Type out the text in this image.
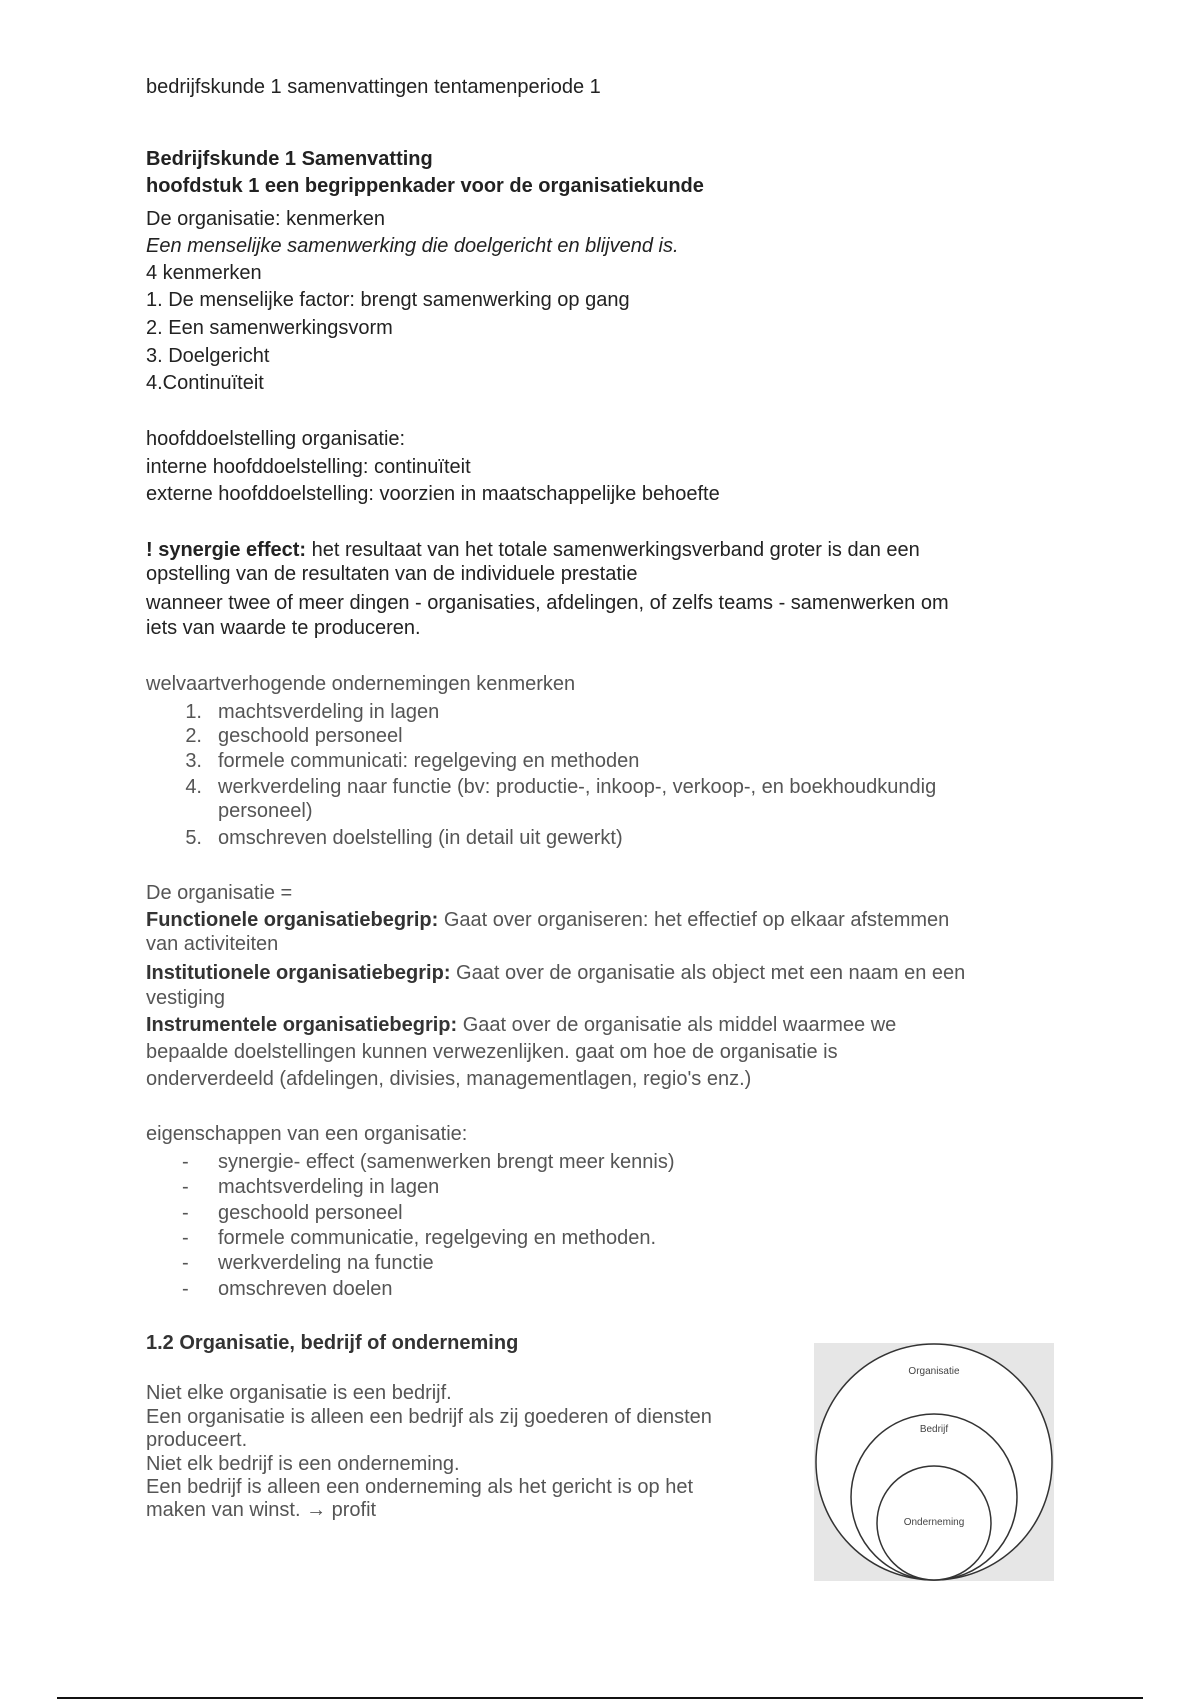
bedrijfskunde 1 samenvattingen tentamenperiode 1
Bedrijfskunde 1 Samenvatting
hoofdstuk 1 een begrippenkader voor de organisatiekunde
De organisatie: kenmerken
Een menselijke samenwerking die doelgericht en blijvend is.
4 kenmerken
1. De menselijke factor: brengt samenwerking op gang
2. Een samenwerkingsvorm
3. Doelgericht
4.Continuïteit
hoofddoelstelling organisatie:
interne hoofddoelstelling: continuïteit
externe hoofddoelstelling: voorzien in maatschappelijke behoefte
! synergie effect: het resultaat van het totale samenwerkingsverband groter is dan een
opstelling van de resultaten van de individuele prestatie
wanneer twee of meer dingen - organisaties, afdelingen, of zelfs teams - samenwerken om
iets van waarde te produceren.
welvaartverhogende ondernemingen kenmerken
1. machtsverdeling in lagen
2. geschoold personeel
3. formele communicati: regelgeving en methoden
4. werkverdeling naar functie (bv: productie-, inkoop-, verkoop-, en boekhoudkundig
personeel)
5. omschreven doelstelling (in detail uit gewerkt)
De organisatie =
Functionele organisatiebegrip: Gaat over organiseren: het effectief op elkaar afstemmen
van activiteiten
Institutionele organisatiebegrip: Gaat over de organisatie als object met een naam en een
vestiging
Instrumentele organisatiebegrip: Gaat over de organisatie als middel waarmee we
bepaalde doelstellingen kunnen verwezenlijken. gaat om hoe de organisatie is
onderverdeeld (afdelingen, divisies, managementlagen, regio's enz.)
eigenschappen van een organisatie:
- synergie- effect (samenwerken brengt meer kennis)
- machtsverdeling in lagen
- geschoold personeel
- formele communicatie, regelgeving en methoden.
- werkverdeling na functie
- omschreven doelen
1.2 Organisatie, bedrijf of onderneming
Niet elke organisatie is een bedrijf.
Een organisatie is alleen een bedrijf als zij goederen of diensten
produceert.
Niet elk bedrijf is een onderneming.
Een bedrijf is alleen een onderneming als het gericht is op het
maken van winst. → profit
Organisatie
Bedrijf
Onderneming
